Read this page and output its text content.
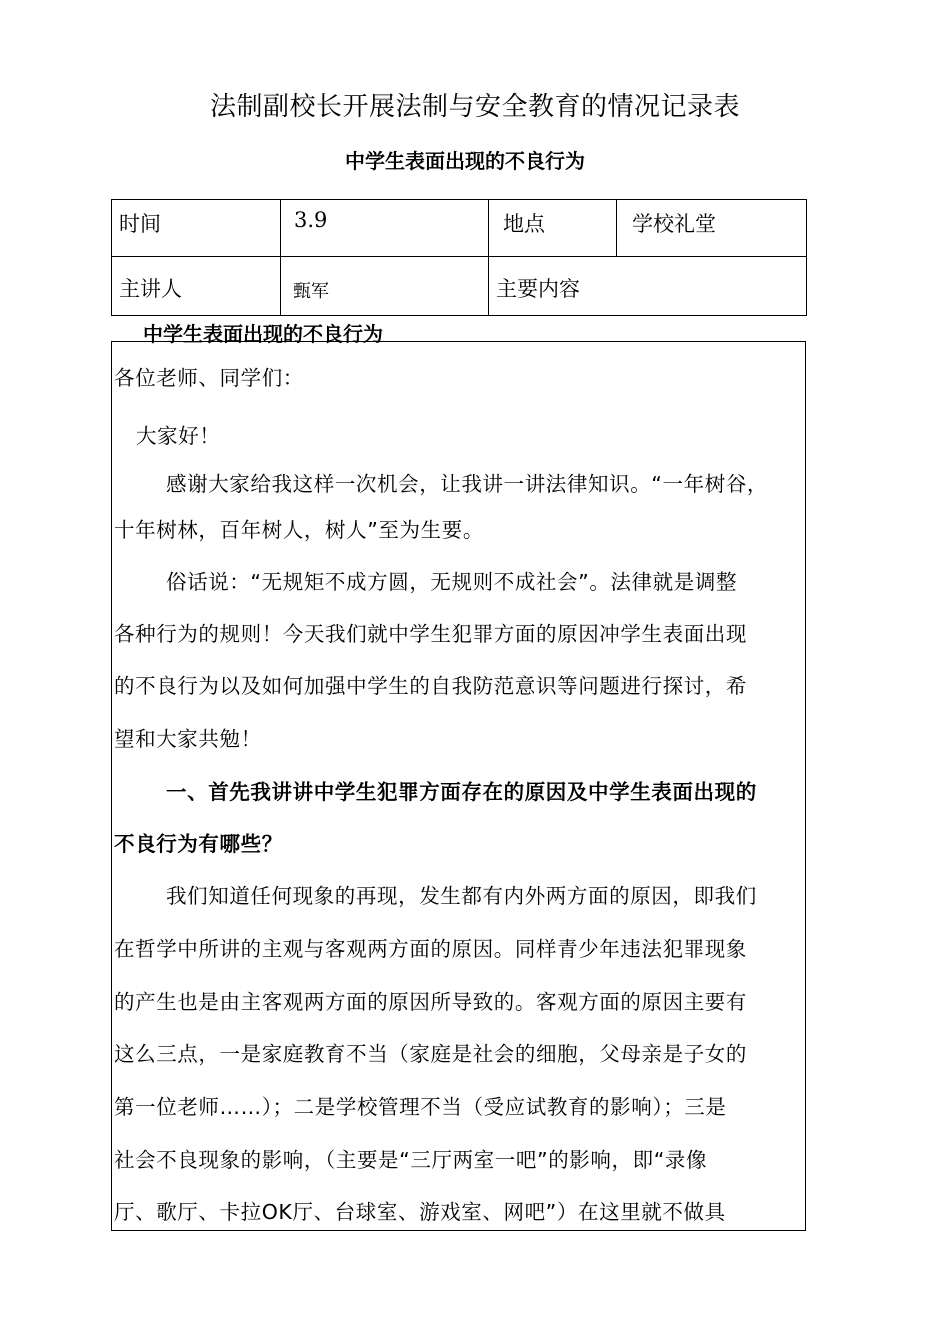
法制副校长开展法制与安全教育的情况记录表
中学生表面出现的不良行为
时间	3.9	地点	学校礼堂

主讲人	甄军	主要内容	
中学生表面出现的不良行为
各位老师、同学们：
大家好！
感谢大家给我这样一次机会，让我讲一讲法律知识。“一年树谷，
十年树林，百年树人，树人”至为生要。
俗话说：“无规矩不成方圆，无规则不成社会”。法律就是调整
各种行为的规则！今天我们就中学生犯罪方面的原因冲学生表面出现
的不良行为以及如何加强中学生的自我防范意识等问题进行探讨，希
望和大家共勉！
一、首先我讲讲中学生犯罪方面存在的原因及中学生表面出现的
不良行为有哪些？
我们知道任何现象的再现，发生都有内外两方面的原因，即我们
在哲学中所讲的主观与客观两方面的原因。同样青少年违法犯罪现象
的产生也是由主客观两方面的原因所导致的。客观方面的原因主要有
这么三点，一是家庭教育不当（家庭是社会的细胞，父母亲是子女的
第一位老师……）；二是学校管理不当（受应试教育的影响）；三是
社会不良现象的影响，（主要是“三厅两室一吧”的影响，即“录像
厅、歌厅、卡拉OK厅、台球室、游戏室、网吧”）在这里就不做具
